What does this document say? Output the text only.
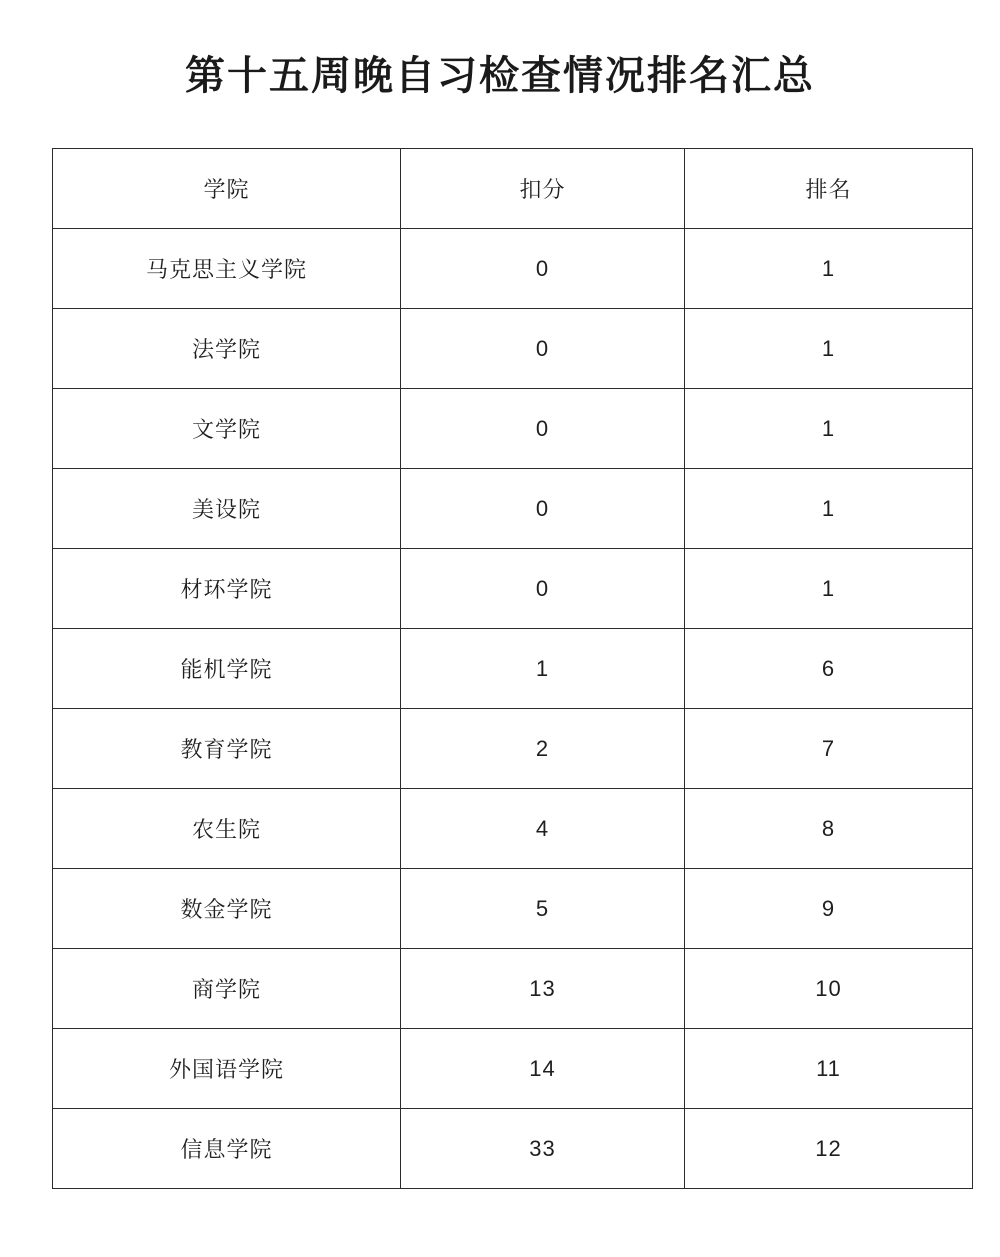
第十五周晚自习检查情况排名汇总
学院	扣分	排名
马克思主义学院	0	1
法学院	0	1
文学院	0	1
美设院	0	1
材环学院	0	1
能机学院	1	6
教育学院	2	7
农生院	4	8
数金学院	5	9
商学院	13	10
外国语学院	14	11
信息学院	33	12
